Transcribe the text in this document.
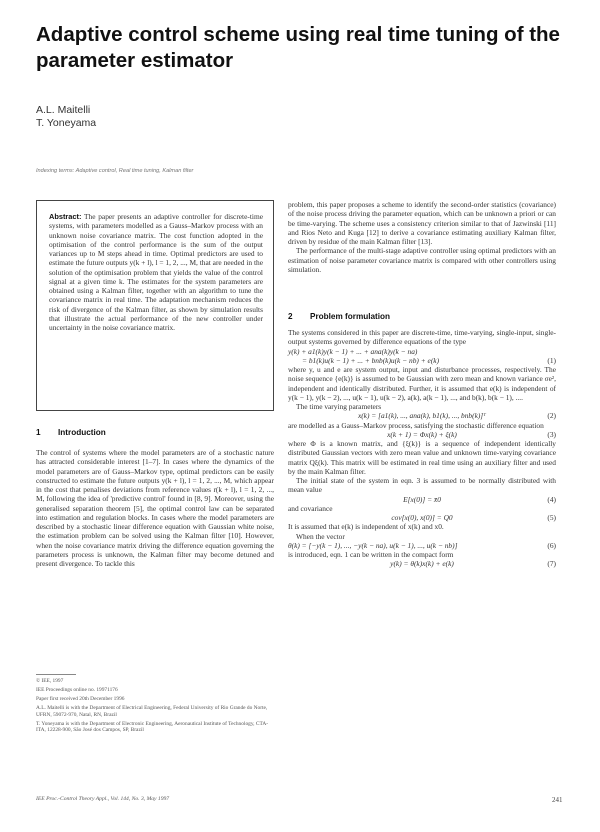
Adaptive control scheme using real time tuning of the parameter estimator
A.L. Maitelli
T. Yoneyama
Indexing terms: Adaptive control, Real time tuning, Kalman filter

Abstract: The paper presents an adaptive controller for discrete-time systems, with parameters modelled as a Gauss–Markov process with an unknown noise covariance matrix. The cost function adopted in the optimisation of the control performance is the sum of the output variances up to M steps ahead in time. Optimal predictors are used to estimate the future outputs y(k + l), l = 1, 2, ..., M, that are needed in the solution of the optimisation problem that yields the value of the control signal at a given time k. The estimates for the system parameters are obtained using a Kalman filter, together with an algorithm to tune the covariance matrix in real time. The adaptation mechanism reduces the risk of divergence of the Kalman filter, as shown by simulation results that illustrate the actual performance of the new controller under uncertainty in the noise covariance matrix.

1 Introduction

The control of systems where the model parameters are of a stochastic nature has attracted considerable interest [1–7]. In cases where the dynamics of the model parameters are of Gauss–Markov type, optimal predictors can be easily constructed to estimate the future outputs y(k + l), l = 1, 2, ..., M, which appear in the cost that penalises deviations from reference values r(k + l), l = 1, 2, ..., M, following the idea of 'predictive control' found in [8, 9]. Moreover, using the generalised separation theorem [5], the optimal control law can be separated into estimation and regulation blocks. In cases where the model parameters are described by a stochastic linear difference equation with Gaussian white noise, the estimation problem can be solved using the Kalman filter [10]. However, when the noise covariance matrix driving the difference equation governing the parameters process is unknown, the Kalman filter may become detuned and present divergence. To tackle this

© IEE, 1997

IEE Proceedings online no. 19971176

Paper first received 20th December 1996

A.L. Maitelli is with the Department of Electrical Engineering, Federal University of Rio Grande do Norte, UFRN, 59072-970, Natal, RN, Brazil

T. Yoneyama is with the Department of Electronic Engineering, Aeronautical Institute of Technology, CTA-ITA, 12228-900, São José dos Campos, SP, Brazil

problem, this paper proposes a scheme to identify the second-order statistics (covariance) of the noise process driving the parameter equation, which can be unknown a priori or can be time-varying. The scheme uses a consistency criterion similar to that of Jazwinski [11] and Rios Neto and Kuga [12] to derive a covariance estimating auxiliary Kalman filter, driven by residue of the main Kalman filter [13].

The performance of the multi-stage adaptive controller using optimal predictors with an estimation of noise parameter covariance matrix is compared with other controllers using simulation.

2 Problem formulation

The systems considered in this paper are discrete-time, time-varying, single-input, single-output systems governed by difference equations of the type

y(k) + a1(k)y(k − 1) + ... + ana(k)y(k − na)
= b1(k)u(k − 1) + ... + bnb(k)u(k − nb) + e(k)	(1)

where y, u and e are system output, input and disturbance processes, respectively. The noise sequence {e(k)} is assumed to be Gaussian with zero mean and known variance σe², independent and identically distributed. Further, it is assumed that e(k) is independent of y(k − 1), y(k − 2), ..., u(k − 1), u(k − 2), a(k), a(k − 1), ..., and b(k), b(k − 1), ....

The time varying parameters

x(k) = [a1(k), ..., ana(k), b1(k), ..., bnb(k)]ᵀ	(2)

are modelled as a Gauss–Markov process, satisfying the stochastic difference equation

x(k + 1) = Φx(k) + ξ(k)	(3)

where Φ is a known matrix, and {ξ(k)} is a sequence of independent identically distributed Gaussian vectors with zero mean value and unknown time-varying covariance matrix Qξ(k). This matrix will be estimated in real time using an auxiliary filter and used by the main Kalman filter.

The initial state of the system in eqn. 3 is assumed to be normally distributed with mean value

E[x(0)] = x̄0	(4)

and covariance

cov[x(0), x(0)] = Q0	(5)

It is assumed that e(k) is independent of x(k) and x0.

When the vector

θ(k) = [−y(k − 1), ..., −y(k − na), u(k − 1), ..., u(k − nb)]	(6)

is introduced, eqn. 1 can be written in the compact form

y(k) = θ(k)x(k) + e(k)	(7)
IEE Proc.-Control Theory Appl., Vol. 144, No. 3, May 1997	241
